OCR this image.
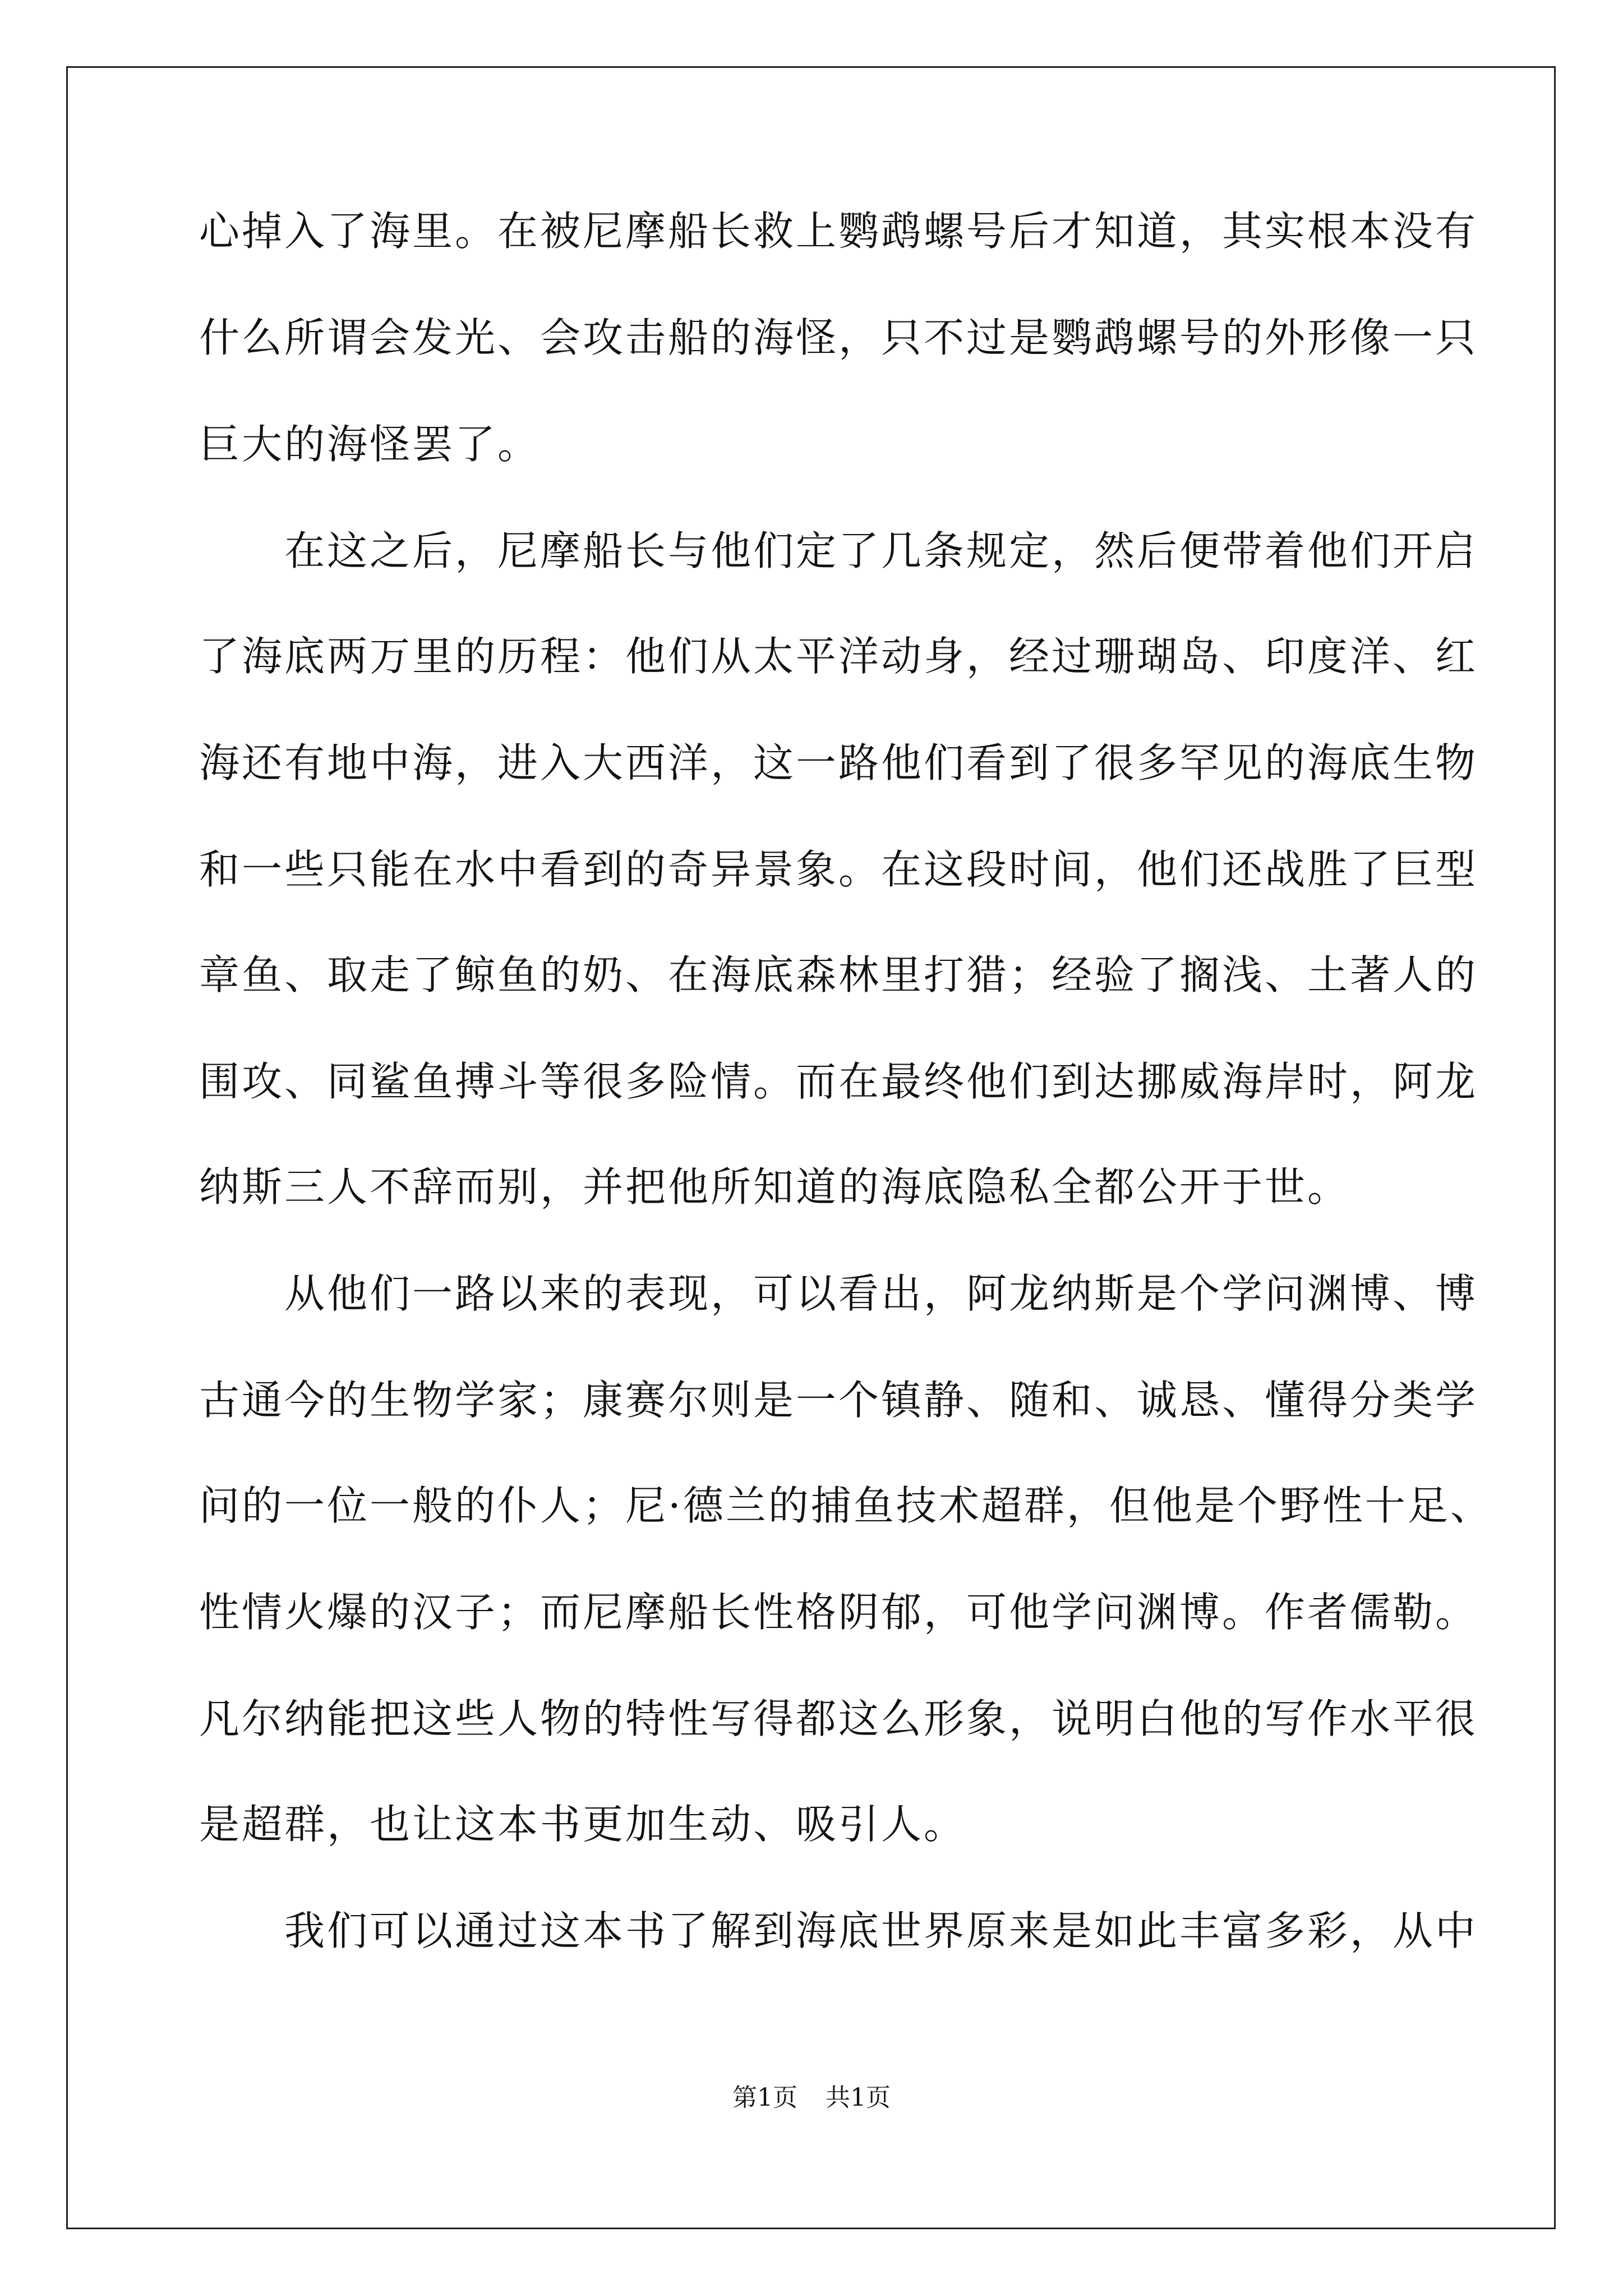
心掉入了海里。在被尼摩船长救上鹦鹉螺号后才知道，其实根本没有
什么所谓会发光、会攻击船的海怪，只不过是鹦鹉螺号的外形像一只
巨大的海怪罢了。
　　在这之后，尼摩船长与他们定了几条规定，然后便带着他们开启
了海底两万里的历程：他们从太平洋动身，经过珊瑚岛、印度洋、红
海还有地中海，进入大西洋，这一路他们看到了很多罕见的海底生物
和一些只能在水中看到的奇异景象。在这段时间，他们还战胜了巨型
章鱼、取走了鲸鱼的奶、在海底森林里打猎；经验了搁浅、土著人的
围攻、同鲨鱼搏斗等很多险情。而在最终他们到达挪威海岸时，阿龙
纳斯三人不辞而别，并把他所知道的海底隐私全都公开于世。
　　从他们一路以来的表现，可以看出，阿龙纳斯是个学问渊博、博
古通今的生物学家；康赛尔则是一个镇静、随和、诚恳、懂得分类学
问的一位一般的仆人；尼·德兰的捕鱼技术超群，但他是个野性十足、
性情火爆的汉子；而尼摩船长性格阴郁，可他学问渊博。作者儒勒。
凡尔纳能把这些人物的特性写得都这么形象，说明白他的写作水平很
是超群，也让这本书更加生动、吸引人。
　　我们可以通过这本书了解到海底世界原来是如此丰富多彩，从中
第1页 共1页
